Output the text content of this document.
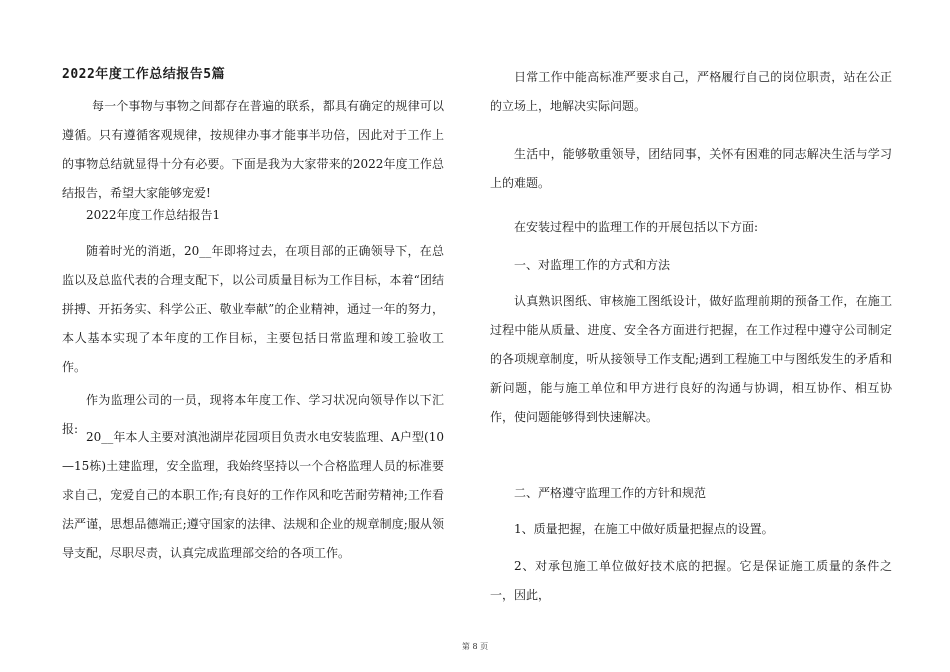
2022年度工作总结报告5篇

每一个事物与事物之间都存在普遍的联系，都具有确定的规律可以遵循。只有遵循客观规律，按规律办事才能事半功倍，因此对于工作上的事物总结就显得十分有必要。下面是我为大家带来的2022年度工作总结报告，希望大家能够宠爱!

2022年度工作总结报告1

随着时光的消逝，20__年即将过去，在项目部的正确领导下，在总监以及总监代表的合理支配下，以公司质量目标为工作目标，本着“团结拼搏、开拓务实、科学公正、敬业奉献”的企业精神，通过一年的努力，本人基本实现了本年度的工作目标，主要包括日常监理和竣工验收工作。

作为监理公司的一员，现将本年度工作、学习状况向领导作以下汇报:

20__年本人主要对滇池湖岸花园项目负责水电安装监理、A户型(10—15栋)土建监理，安全监理，我始终坚持以一个合格监理人员的标准要求自己，宠爱自己的本职工作;有良好的工作作风和吃苦耐劳精神;工作看法严谨，思想品德端正;遵守国家的法律、法规和企业的规章制度;服从领导支配，尽职尽责，认真完成监理部交给的各项工作。

日常工作中能高标准严要求自己，严格履行自己的岗位职责，站在公正的立场上，地解决实际问题。

生活中，能够敬重领导，团结同事，关怀有困难的同志解决生活与学习上的难题。

在安装过程中的监理工作的开展包括以下方面:

一、对监理工作的方式和方法

认真熟识图纸、审核施工图纸设计，做好监理前期的预备工作，在施工过程中能从质量、进度、安全各方面进行把握，在工作过程中遵守公司制定的各项规章制度，听从接领导工作支配;遇到工程施工中与图纸发生的矛盾和新问题，能与施工单位和甲方进行良好的沟通与协调，相互协作、相互协作，使问题能够得到快速解决。

二、严格遵守监理工作的方针和规范

1、质量把握，在施工中做好质量把握点的设置。

2、对承包施工单位做好技术底的把握。它是保证施工质量的条件之一，因此，

第 8 页
